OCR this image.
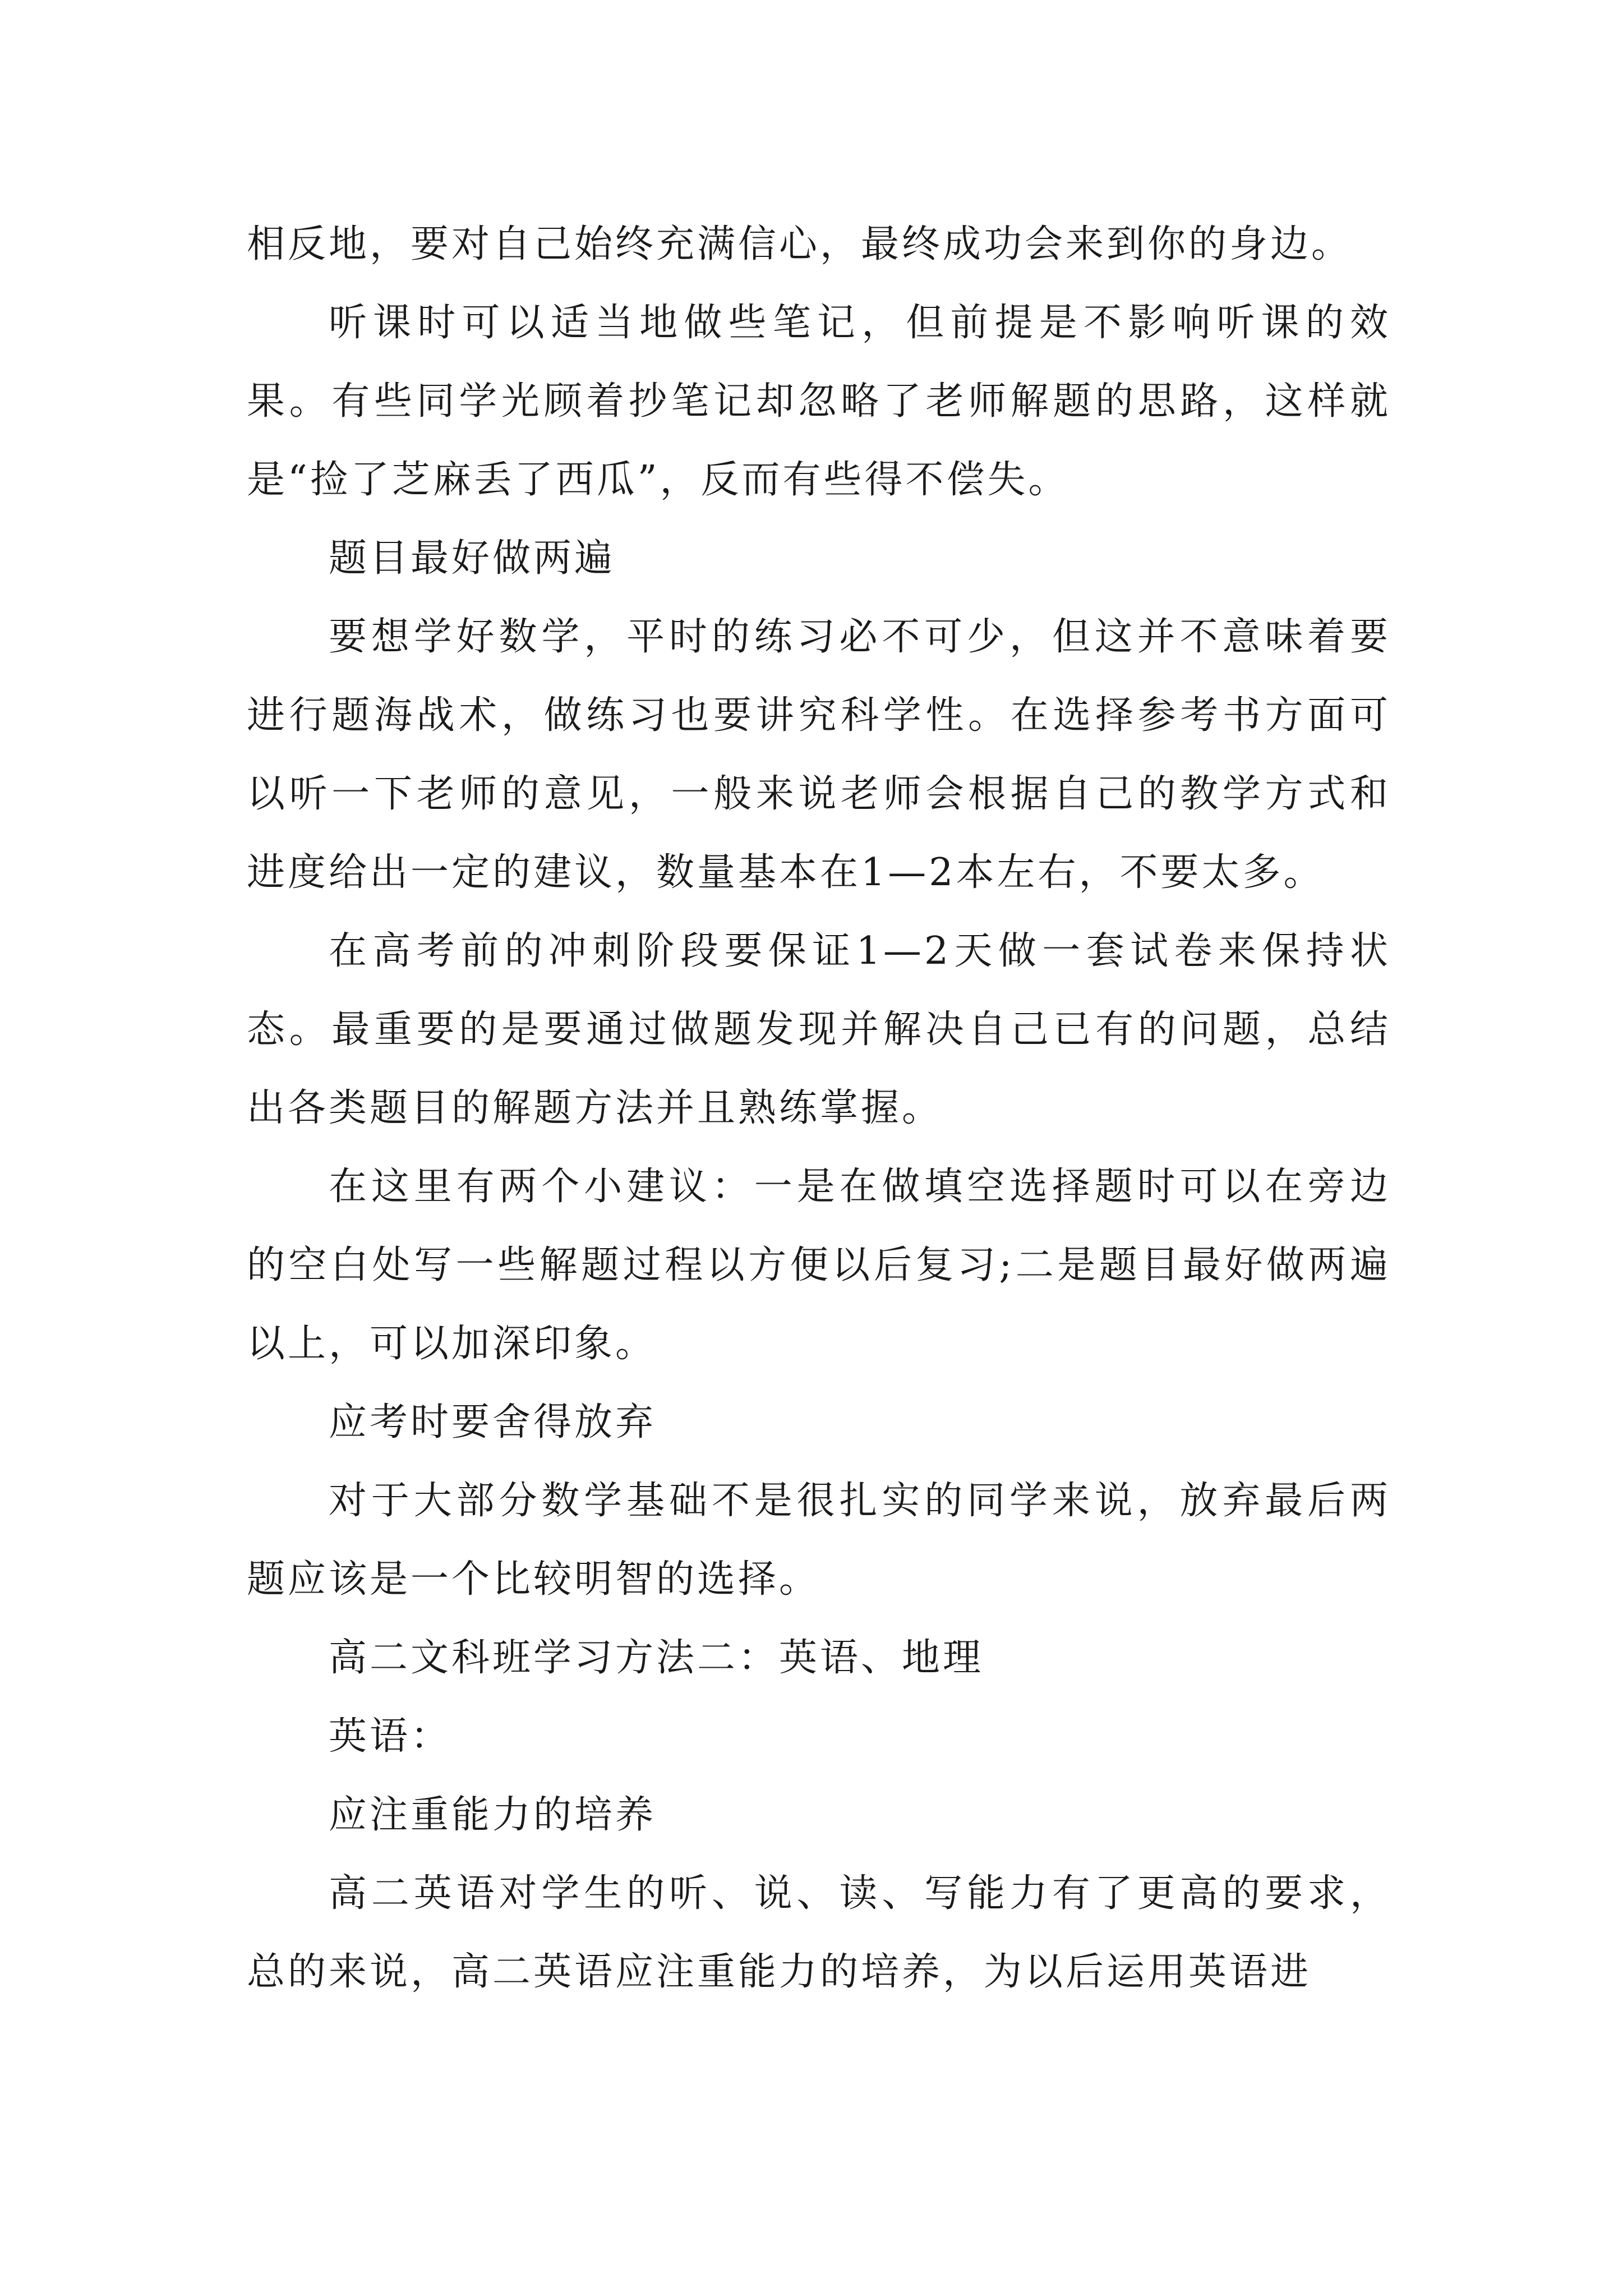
相反地，要对自己始终充满信心，最终成功会来到你的身边。

听课时可以适当地做些笔记，但前提是不影响听课的效果。有些同学光顾着抄笔记却忽略了老师解题的思路，这样就是“捡了芝麻丢了西瓜”，反而有些得不偿失。

题目最好做两遍

要想学好数学，平时的练习必不可少，但这并不意味着要进行题海战术，做练习也要讲究科学性。在选择参考书方面可以听一下老师的意见，一般来说老师会根据自己的教学方式和进度给出一定的建议，数量基本在1—2本左右，不要太多。

在高考前的冲刺阶段要保证1—2天做一套试卷来保持状态。最重要的是要通过做题发现并解决自己已有的问题，总结出各类题目的解题方法并且熟练掌握。

在这里有两个小建议：一是在做填空选择题时可以在旁边的空白处写一些解题过程以方便以后复习;二是题目最好做两遍以上，可以加深印象。

应考时要舍得放弃

对于大部分数学基础不是很扎实的同学来说，放弃最后两题应该是一个比较明智的选择。

高二文科班学习方法二：英语、地理

英语：

应注重能力的培养

高二英语对学生的听、说、读、写能力有了更高的要求，总的来说，高二英语应注重能力的培养，为以后运用英语进
